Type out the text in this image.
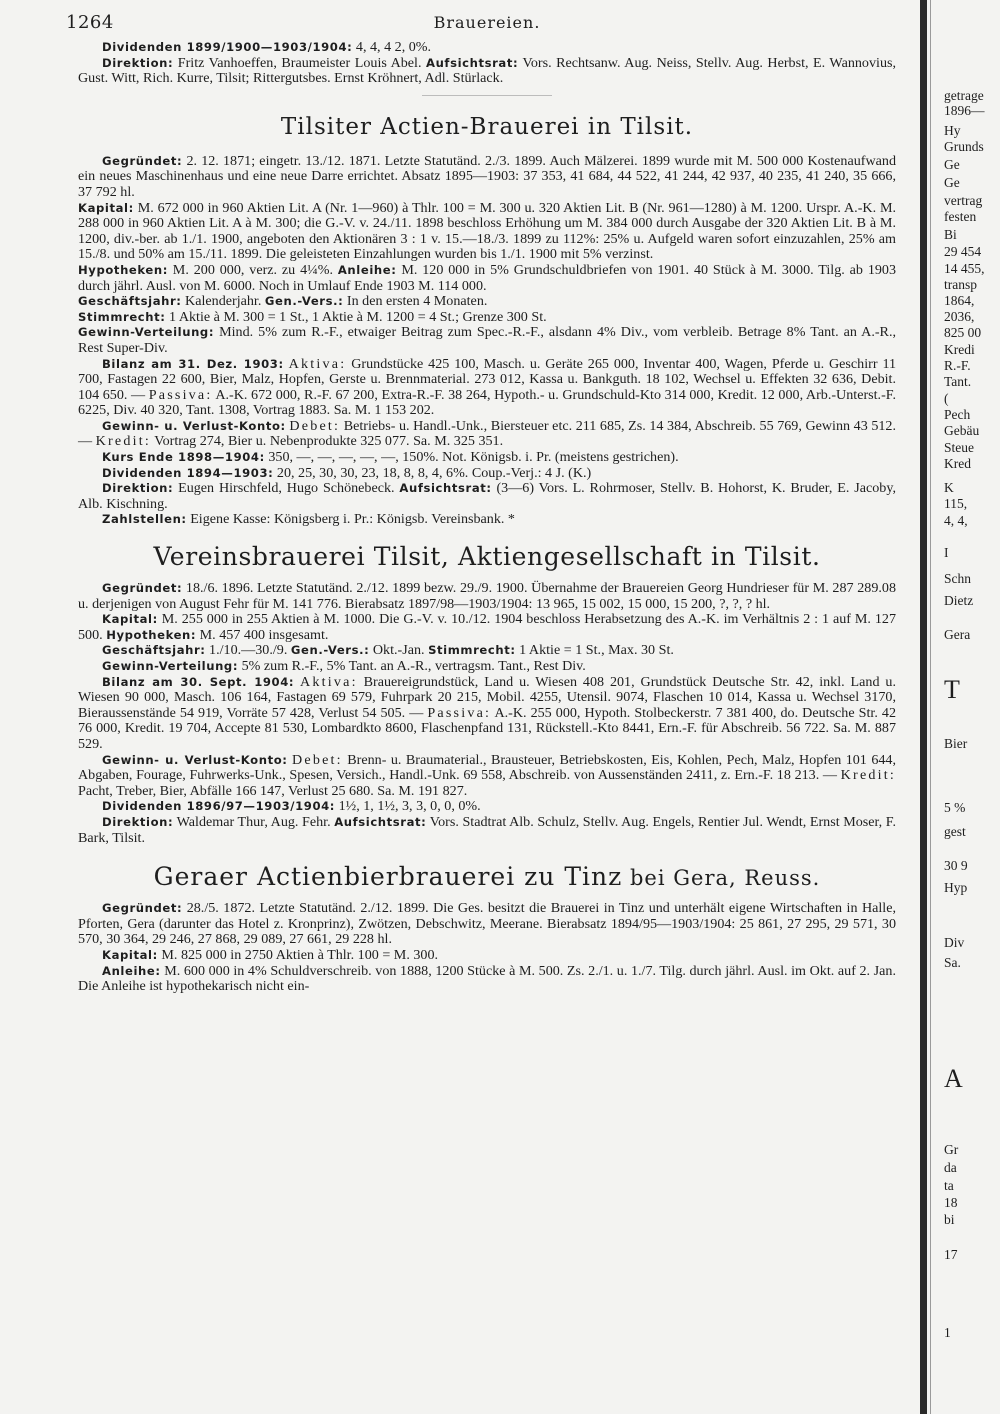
1264	Brauereien.

Dividenden 1899/1900—1903/1904: 4, 4, 4 2, 0%.

Direktion: Fritz Vanhoeffen, Braumeister Louis Abel. Aufsichtsrat: Vors. Rechtsanw. Aug. Neiss, Stellv. Aug. Herbst, E. Wannovius, Gust. Witt, Rich. Kurre, Tilsit; Rittergutsbes. Ernst Kröhnert, Adl. Stürlack.

Tilsiter Actien-Brauerei in Tilsit.

Gegründet: 2. 12. 1871; eingetr. 13./12. 1871. Letzte Statutänd. 2./3. 1899. Auch Mälzerei. 1899 wurde mit M. 500 000 Kostenaufwand ein neues Maschinenhaus und eine neue Darre errichtet. Absatz 1895—1903: 37 353, 41 684, 44 522, 41 244, 42 937, 40 235, 41 240, 35 666, 37 792 hl.

Kapital: M. 672 000 in 960 Aktien Lit. A (Nr. 1—960) à Thlr. 100 = M. 300 u. 320 Aktien Lit. B (Nr. 961—1280) à M. 1200. Urspr. A.-K. M. 288 000 in 960 Aktien Lit. A à M. 300; die G.-V. v. 24./11. 1898 beschloss Erhöhung um M. 384 000 durch Ausgabe der 320 Aktien Lit. B à M. 1200, div.-ber. ab 1./1. 1900, angeboten den Aktionären 3 : 1 v. 15.—18./3. 1899 zu 112%: 25% u. Aufgeld waren sofort einzuzahlen, 25% am 15./8. und 50% am 15./11. 1899. Die geleisteten Einzahlungen wurden bis 1./1. 1900 mit 5% verzinst.

Hypotheken: M. 200 000, verz. zu 4¼%. Anleihe: M. 120 000 in 5% Grundschuldbriefen von 1901. 40 Stück à M. 3000. Tilg. ab 1903 durch jährl. Ausl. von M. 6000. Noch in Umlauf Ende 1903 M. 114 000.

Geschäftsjahr: Kalenderjahr. Gen.-Vers.: In den ersten 4 Monaten.

Stimmrecht: 1 Aktie à M. 300 = 1 St., 1 Aktie à M. 1200 = 4 St.; Grenze 300 St.

Gewinn-Verteilung: Mind. 5% zum R.-F., etwaiger Beitrag zum Spec.-R.-F., alsdann 4% Div., vom verbleib. Betrage 8% Tant. an A.-R., Rest Super-Div.

Bilanz am 31. Dez. 1903: Aktiva: Grundstücke 425 100, Masch. u. Geräte 265 000, Inventar 400, Wagen, Pferde u. Geschirr 11 700, Fastagen 22 600, Bier, Malz, Hopfen, Gerste u. Brennmaterial. 273 012, Kassa u. Bankguth. 18 102, Wechsel u. Effekten 32 636, Debit. 104 650. — Passiva: A.-K. 672 000, R.-F. 67 200, Extra-R.-F. 38 264, Hypoth.- u. Grundschuld-Kto 314 000, Kredit. 12 000, Arb.-Unterst.-F. 6225, Div. 40 320, Tant. 1308, Vortrag 1883. Sa. M. 1 153 202.

Gewinn- u. Verlust-Konto: Debet: Betriebs- u. Handl.-Unk., Biersteuer etc. 211 685, Zs. 14 384, Abschreib. 55 769, Gewinn 43 512. — Kredit: Vortrag 274, Bier u. Nebenprodukte 325 077. Sa. M. 325 351.

Kurs Ende 1898—1904: 350, —, —, —, —, —, 150%. Not. Königsb. i. Pr. (meistens gestrichen).

Dividenden 1894—1903: 20, 25, 30, 30, 23, 18, 8, 8, 4, 6%. Coup.-Verj.: 4 J. (K.)

Direktion: Eugen Hirschfeld, Hugo Schönebeck. Aufsichtsrat: (3—6) Vors. L. Rohrmoser, Stellv. B. Hohorst, K. Bruder, E. Jacoby, Alb. Kischning.

Zahlstellen: Eigene Kasse: Königsberg i. Pr.: Königsb. Vereinsbank. *

Vereinsbrauerei Tilsit, Aktiengesellschaft in Tilsit.

Gegründet: 18./6. 1896. Letzte Statutänd. 2./12. 1899 bezw. 29./9. 1900. Übernahme der Brauereien Georg Hundrieser für M. 287 289.08 u. derjenigen von August Fehr für M. 141 776. Bierabsatz 1897/98—1903/1904: 13 965, 15 002, 15 000, 15 200, ?, ?, ? hl.

Kapital: M. 255 000 in 255 Aktien à M. 1000. Die G.-V. v. 10./12. 1904 beschloss Herabsetzung des A.-K. im Verhältnis 2 : 1 auf M. 127 500. Hypotheken: M. 457 400 insgesamt.

Geschäftsjahr: 1./10.—30./9. Gen.-Vers.: Okt.-Jan. Stimmrecht: 1 Aktie = 1 St., Max. 30 St.

Gewinn-Verteilung: 5% zum R.-F., 5% Tant. an A.-R., vertragsm. Tant., Rest Div.

Bilanz am 30. Sept. 1904: Aktiva: Brauereigrundstück, Land u. Wiesen 408 201, Grundstück Deutsche Str. 42, inkl. Land u. Wiesen 90 000, Masch. 106 164, Fastagen 69 579, Fuhrpark 20 215, Mobil. 4255, Utensil. 9074, Flaschen 10 014, Kassa u. Wechsel 3170, Bieraussenstände 54 919, Vorräte 57 428, Verlust 54 505. — Passiva: A.-K. 255 000, Hypoth. Stolbeckerstr. 7 381 400, do. Deutsche Str. 42 76 000, Kredit. 19 704, Accepte 81 530, Lombardkto 8600, Flaschenpfand 131, Rückstell.-Kto 8441, Ern.-F. für Abschreib. 56 722. Sa. M. 887 529.

Gewinn- u. Verlust-Konto: Debet: Brenn- u. Braumaterial., Brausteuer, Betriebskosten, Eis, Kohlen, Pech, Malz, Hopfen 101 644, Abgaben, Fourage, Fuhrwerks-Unk., Spesen, Versich., Handl.-Unk. 69 558, Abschreib. von Aussenständen 2411, z. Ern.-F. 18 213. — Kredit: Pacht, Treber, Bier, Abfälle 166 147, Verlust 25 680. Sa. M. 191 827.

Dividenden 1896/97—1903/1904: 1½, 1, 1½, 3, 3, 0, 0, 0%.

Direktion: Waldemar Thur, Aug. Fehr. Aufsichtsrat: Vors. Stadtrat Alb. Schulz, Stellv. Aug. Engels, Rentier Jul. Wendt, Ernst Moser, F. Bark, Tilsit.

Geraer Actienbierbrauerei zu Tinz bei Gera, Reuss.

Gegründet: 28./5. 1872. Letzte Statutänd. 2./12. 1899. Die Ges. besitzt die Brauerei in Tinz und unterhält eigene Wirtschaften in Halle, Pforten, Gera (darunter das Hotel z. Kronprinz), Zwötzen, Debschwitz, Meerane. Bierabsatz 1894/95—1903/1904: 25 861, 27 295, 29 571, 30 570, 30 364, 29 246, 27 868, 29 089, 27 661, 29 228 hl.

Kapital: M. 825 000 in 2750 Aktien à Thlr. 100 = M. 300.

Anleihe: M. 600 000 in 4% Schuldverschreib. von 1888, 1200 Stücke à M. 500. Zs. 2./1. u. 1./7. Tilg. durch jährl. Ausl. im Okt. auf 2. Jan. Die Anleihe ist hypothekarisch nicht ein-

getrage
1896—
Hy
Grunds
Ge
Ge
vertrag
festen
Bi
29 454
14 455,
transp
1864,
2036,
825 00
Kredi
R.-F.
Tant.
(
Pech
Gebäu
Steue
Kred
K
115,
4, 4,
I
Schn
Dietz
Gera
T
Bier
5 %
gest
30 9
Hyp
Div
Sa.
A
Gr
da
ta
18
bi
17
1
